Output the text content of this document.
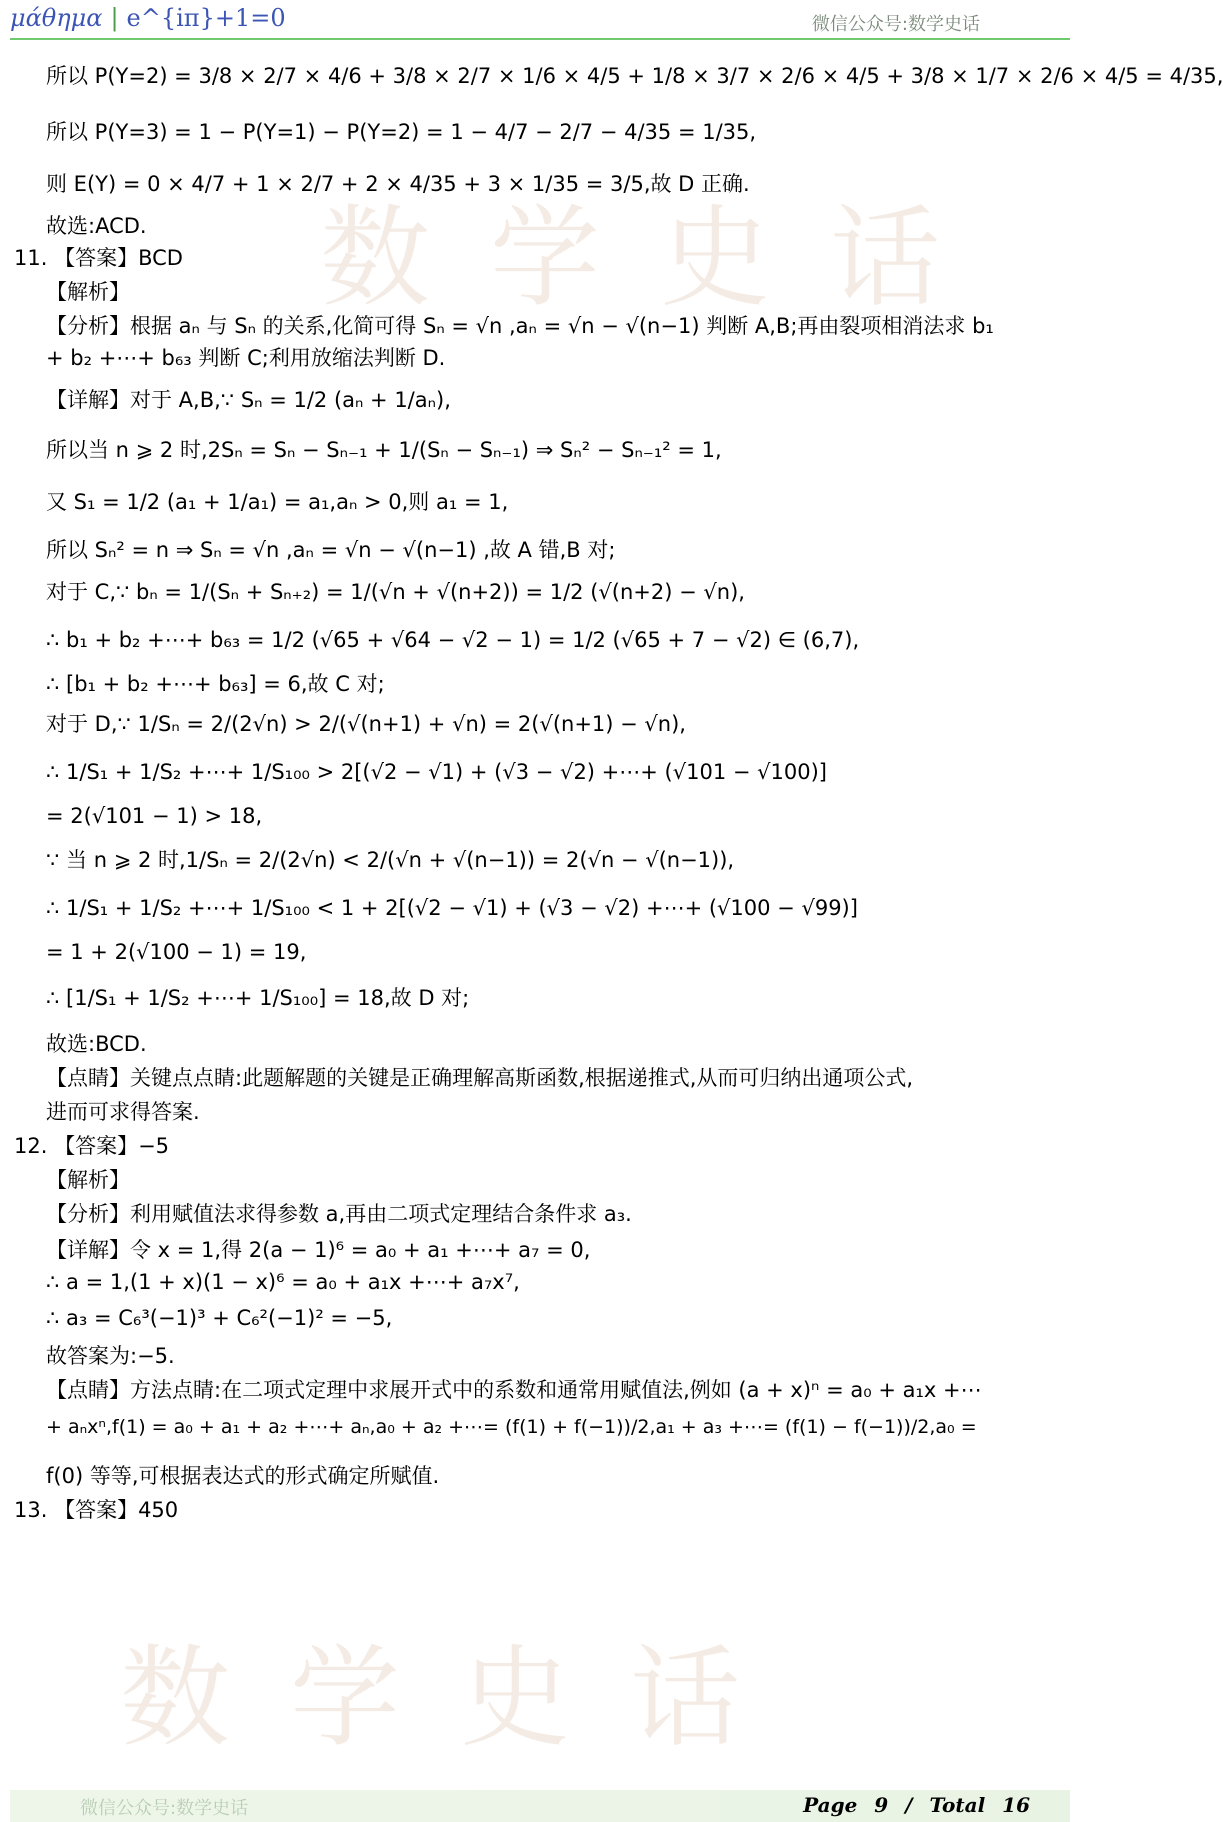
μάθημα | e^{iπ}+1=0	微信公众号:数学史话
数学史话
数学史话
所以 P(Y=2) = 3/8 × 2/7 × 4/6 + 3/8 × 2/7 × 1/6 × 4/5 + 1/8 × 3/7 × 2/6 × 4/5 + 3/8 × 1/7 × 2/6 × 4/5 = 4/35,
所以 P(Y=3) = 1 − P(Y=1) − P(Y=2) = 1 − 4/7 − 2/7 − 4/35 = 1/35,
则 E(Y) = 0 × 4/7 + 1 × 2/7 + 2 × 4/35 + 3 × 1/35 = 3/5,故 D 正确.
故选:ACD.
11. 【答案】BCD
【解析】
【分析】根据 aₙ 与 Sₙ 的关系,化简可得 Sₙ = √n ,aₙ = √n − √(n−1) 判断 A,B;再由裂项相消法求 b₁
+ b₂ +⋯+ b₆₃ 判断 C;利用放缩法判断 D.
【详解】对于 A,B,∵ Sₙ = 1/2 (aₙ + 1/aₙ),
所以当 n ⩾ 2 时,2Sₙ = Sₙ − Sₙ₋₁ + 1/(Sₙ − Sₙ₋₁) ⇒ Sₙ² − Sₙ₋₁² = 1,
又 S₁ = 1/2 (a₁ + 1/a₁) = a₁,aₙ > 0,则 a₁ = 1,
所以 Sₙ² = n ⇒ Sₙ = √n ,aₙ = √n − √(n−1) ,故 A 错,B 对;
对于 C,∵ bₙ = 1/(Sₙ + Sₙ₊₂) = 1/(√n + √(n+2)) = 1/2 (√(n+2) − √n),
∴ b₁ + b₂ +⋯+ b₆₃ = 1/2 (√65 + √64 − √2 − 1) = 1/2 (√65 + 7 − √2) ∈ (6,7),
∴ [b₁ + b₂ +⋯+ b₆₃] = 6,故 C 对;
对于 D,∵ 1/Sₙ = 2/(2√n) > 2/(√(n+1) + √n) = 2(√(n+1) − √n),
∴ 1/S₁ + 1/S₂ +⋯+ 1/S₁₀₀ > 2[(√2 − √1) + (√3 − √2) +⋯+ (√101 − √100)]
= 2(√101 − 1) > 18,
∵ 当 n ⩾ 2 时,1/Sₙ = 2/(2√n) < 2/(√n + √(n−1)) = 2(√n − √(n−1)),
∴ 1/S₁ + 1/S₂ +⋯+ 1/S₁₀₀ < 1 + 2[(√2 − √1) + (√3 − √2) +⋯+ (√100 − √99)]
= 1 + 2(√100 − 1) = 19,
∴ [1/S₁ + 1/S₂ +⋯+ 1/S₁₀₀] = 18,故 D 对;
故选:BCD.
【点睛】关键点点睛:此题解题的关键是正确理解高斯函数,根据递推式,从而可归纳出通项公式,
进而可求得答案.
12. 【答案】−5
【解析】
【分析】利用赋值法求得参数 a,再由二项式定理结合条件求 a₃.
【详解】令 x = 1,得 2(a − 1)⁶ = a₀ + a₁ +⋯+ a₇ = 0,
∴ a = 1,(1 + x)(1 − x)⁶ = a₀ + a₁x +⋯+ a₇x⁷,
∴ a₃ = C₆³(−1)³ + C₆²(−1)² = −5,
故答案为:−5.
【点睛】方法点睛:在二项式定理中求展开式中的系数和通常用赋值法,例如 (a + x)ⁿ = a₀ + a₁x +⋯
+ aₙxⁿ,f(1) = a₀ + a₁ + a₂ +⋯+ aₙ,a₀ + a₂ +⋯= (f(1) + f(−1))/2,a₁ + a₃ +⋯= (f(1) − f(−1))/2,a₀ =
f(0) 等等,可根据表达式的形式确定所赋值.
13. 【答案】450
微信公众号:数学史话	Page 9 / Total 16
